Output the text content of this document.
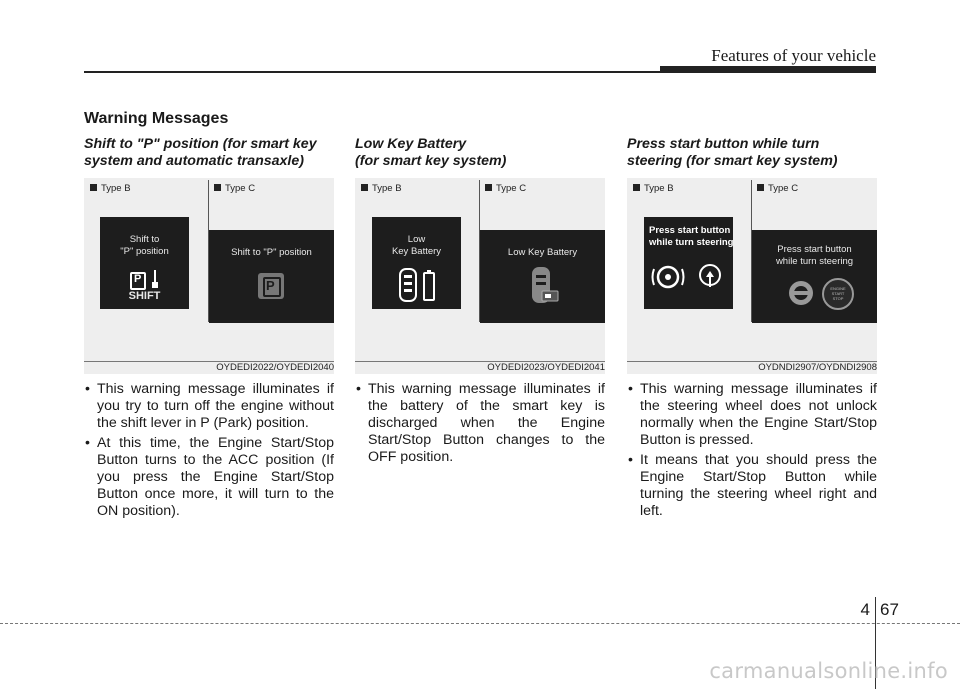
Features of your vehicle
Warning Messages
Shift to "P" position (for smart key
system and automatic transaxle)
Type B	Type C
Shift to
"P" position
P
SHIFT
Shift to "P" position
P
OYDEDI2022/OYDEDI2040
• This warning message illuminates if you try to turn off the engine without the shift lever in P (Park) position.
• At this time, the Engine Start/Stop Button turns to the ACC position (If you press the Engine Start/Stop Button once more, it will turn to the ON position).
Low Key Battery
(for smart key system)
Type B	Type C
Low
Key Battery	Low Key Battery
OYDEDI2023/OYDEDI2041
• This warning message illuminates if the battery of the smart key is discharged when the Engine Start/Stop Button changes to the OFF position.
Press start button while turn
steering (for smart key system)
Type B	Type C
Press start button
while turn steering
Press start button
while turn steering
ENGINE
START
STOP
OYDNDI2907/OYDNDI2908
• This warning message illuminates if the steering wheel does not unlock normally when the Engine Start/Stop Button is pressed.
• It means that you should press the Engine Start/Stop Button while turning the steering wheel right and left.
4 67
carmanualsonline.info
